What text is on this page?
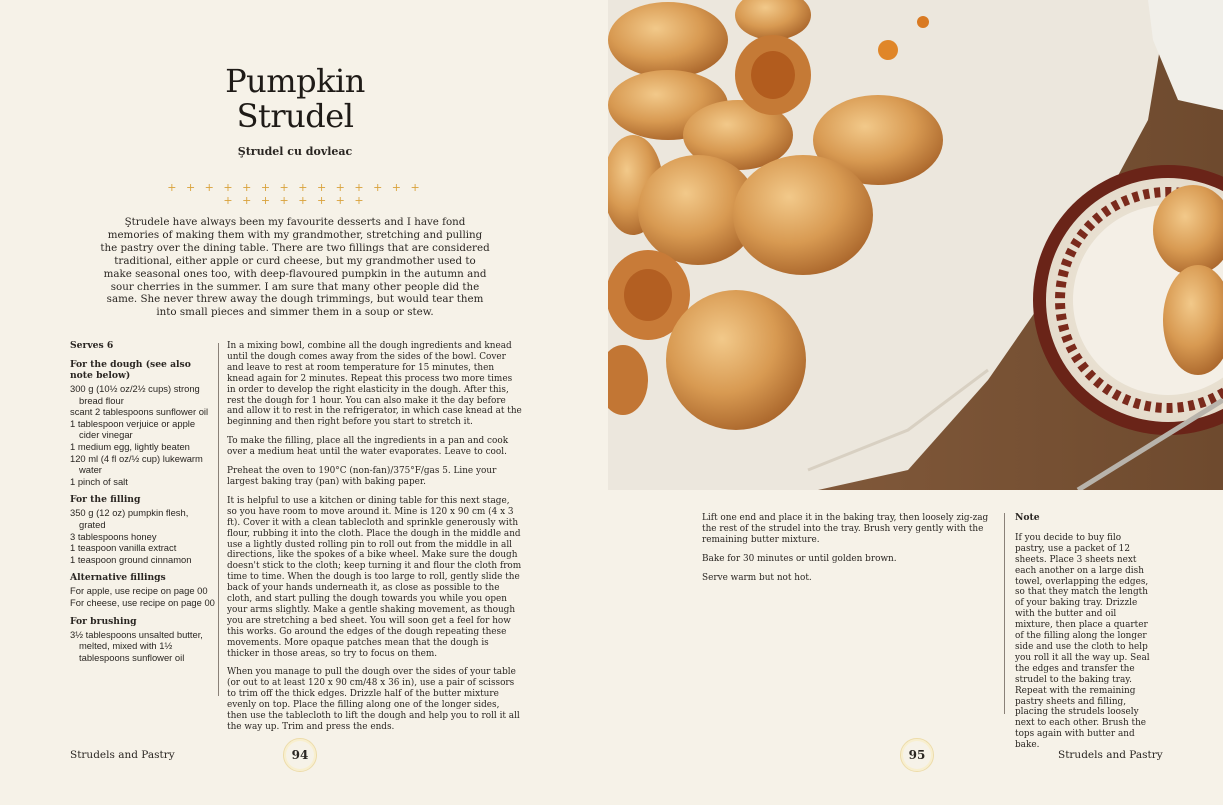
Pumpkin
Strudel
Ştrudel cu dovleac
+ + + + + + + + + + + + + + + + + + + + + +
Ştrudele have always been my favourite desserts and I have fond memories of making them with my grandmother, stretching and pulling the pastry over the dining table. There are two fillings that are considered traditional, either apple or curd cheese, but my grandmother used to make seasonal ones too, with deep-flavoured pumpkin in the autumn and sour cherries in the summer. I am sure that many other people did the same. She never threw away the dough trimmings, but would tear them into small pieces and simmer them in a soup or stew.
Serves 6
For the dough (see also note below)
300 g (10½ oz/2½ cups) strong bread flour
scant 2 tablespoons sunflower oil
1 tablespoon verjuice or apple cider vinegar
1 medium egg, lightly beaten
120 ml (4 fl oz/½ cup) lukewarm water
1 pinch of salt
For the filling
350 g (12 oz) pumpkin flesh, grated
3 tablespoons honey
1 teaspoon vanilla extract
1 teaspoon ground cinnamon
Alternative fillings
For apple, use recipe on page 00
For cheese, use recipe on page 00
For brushing
3½ tablespoons unsalted butter, melted, mixed with 1½ tablespoons sunflower oil

In a mixing bowl, combine all the dough ingredients and knead until the dough comes away from the sides of the bowl. Cover and leave to rest at room temperature for 15 minutes, then knead again for 2 minutes. Repeat this process two more times in order to develop the right elasticity in the dough. After this, rest the dough for 1 hour. You can also make it the day before and allow it to rest in the refrigerator, in which case knead at the beginning and then right before you start to stretch it.

To make the filling, place all the ingredients in a pan and cook over a medium heat until the water evaporates. Leave to cool.

Preheat the oven to 190°C (non-fan)/375°F/gas 5. Line your largest baking tray (pan) with baking paper.

It is helpful to use a kitchen or dining table for this next stage, so you have room to move around it. Mine is 120 x 90 cm (4 x 3 ft). Cover it with a clean tablecloth and sprinkle generously with flour, rubbing it into the cloth. Place the dough in the middle and use a lightly dusted rolling pin to roll out from the middle in all directions, like the spokes of a bike wheel. Make sure the dough doesn't stick to the cloth; keep turning it and flour the cloth from time to time. When the dough is too large to roll, gently slide the back of your hands underneath it, as close as possible to the cloth, and start pulling the dough towards you while you open your arms slightly. Make a gentle shaking movement, as though you are stretching a bed sheet. You will soon get a feel for how this works. Go around the edges of the dough repeating these movements. More opaque patches mean that the dough is thicker in those areas, so try to focus on them.

When you manage to pull the dough over the sides of your table (or out to at least 120 x 90 cm/48 x 36 in), use a pair of scissors to trim off the thick edges. Drizzle half of the butter mixture evenly on top. Place the filling along one of the longer sides, then use the tablecloth to lift the dough and help you to roll it all the way up. Trim and press the ends.

Strudels and Pastry	94

Lift one end and place it in the baking tray, then loosely zig-zag the rest of the strudel into the tray. Brush very gently with the remaining butter mixture.

Bake for 30 minutes or until golden brown.

Serve warm but not hot.

Note
If you decide to buy filo pastry, use a packet of 12 sheets. Place 3 sheets next each another on a large dish towel, overlapping the edges, so that they match the length of your baking tray. Drizzle with the butter and oil mixture, then place a quarter of the filling along the longer side and use the cloth to help you roll it all the way up. Seal the edges and transfer the strudel to the baking tray. Repeat with the remaining pastry sheets and filling, placing the strudels loosely next to each other. Brush the tops again with butter and bake.
95	Strudels and Pastry
